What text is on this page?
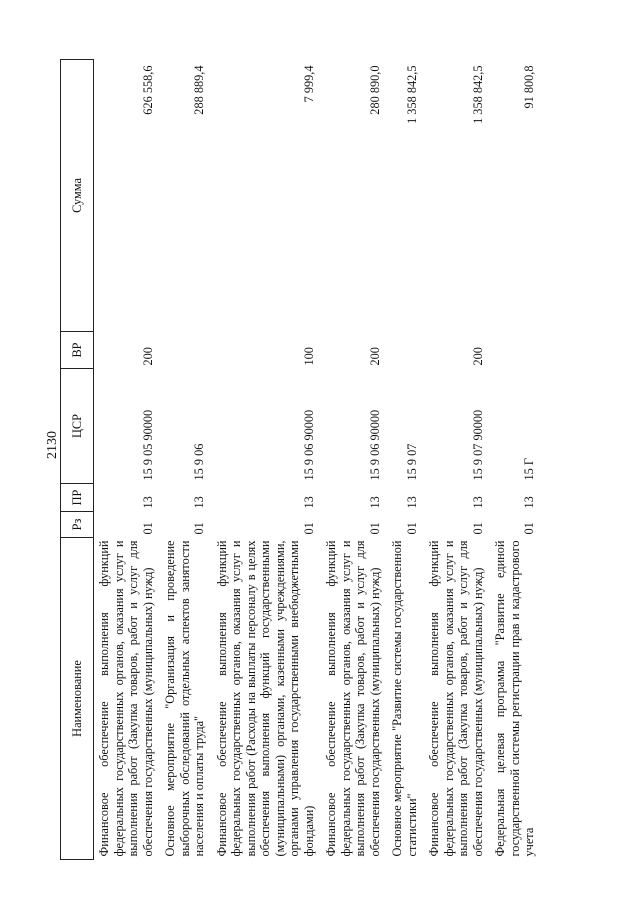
2130
Наименование	Рз	ПР	ЦСР	ВР	Сумма
Финансовое обеспечение выполнения функций федеральных государственных органов, оказания услуг и выполнения работ (Закупка товаров, работ и услуг для обеспечения государственных (муниципальных) нужд)	01	13	15 9 05 90000	200	626 558,6
Основное мероприятие "Организация и проведение выборочных обследований отдельных аспектов занятости населения и оплаты труда"	01	13	15 9 06		288 889,4
Финансовое обеспечение выполнения функций федеральных государственных органов, оказания услуг и выполнения работ (Расходы на выплаты персоналу в целях обеспечения выполнения функций государственными (муниципальными) органами, казенными учреждениями, органами управления государственными внебюджетными фондами)	01	13	15 9 06 90000	100	7 999,4
Финансовое обеспечение выполнения функций федеральных государственных органов, оказания услуг и выполнения работ (Закупка товаров, работ и услуг для обеспечения государственных (муниципальных) нужд)	01	13	15 9 06 90000	200	280 890,0
Основное мероприятие "Развитие системы государственной статистики"	01	13	15 9 07		1 358 842,5
Финансовое обеспечение выполнения функций федеральных государственных органов, оказания услуг и выполнения работ (Закупка товаров, работ и услуг для обеспечения государственных (муниципальных) нужд)	01	13	15 9 07 90000	200	1 358 842,5
Федеральная целевая программа "Развитие единой государственной системы регистрации прав и кадастрового учета	01	13	15 Г		91 800,8
